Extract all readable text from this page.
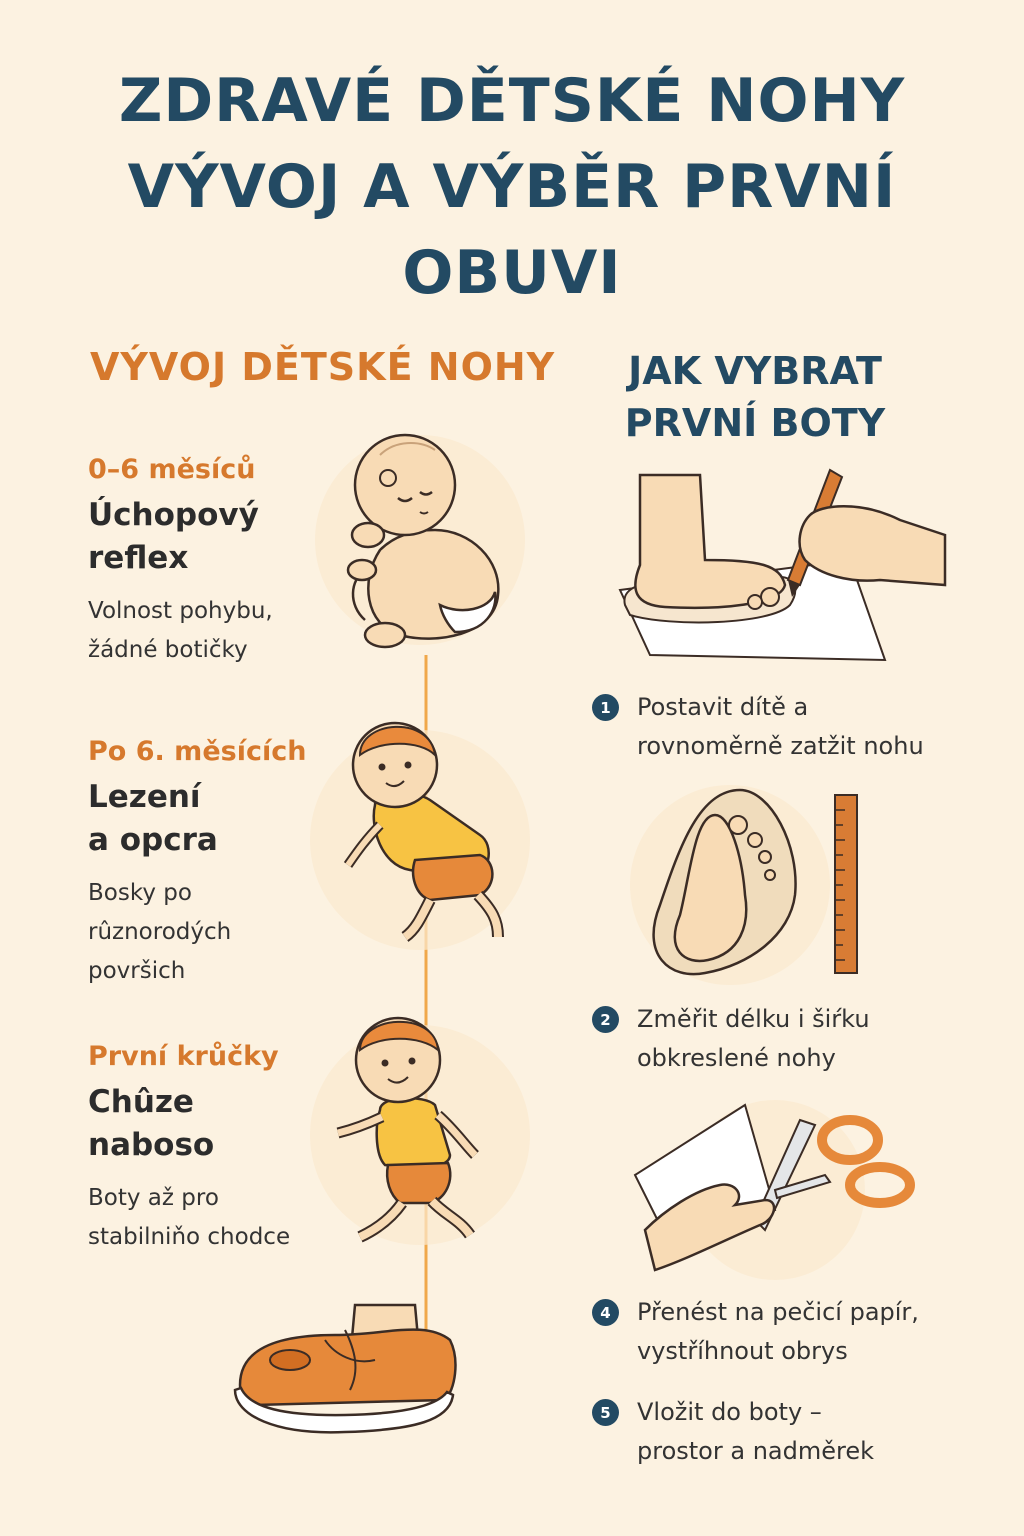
ZDRAVÉ DĚTSKÉ NOHY
VÝVOJ A VÝBĚR PRVNÍ
OBUVI
VÝVOJ DĚTSKÉ NOHY	JAK VYBRAT
PRVNÍ BOTY
0–6 měsíců
Úchopový
reflex
Volnost pohybu,
žádné botičky
Po 6. měsících
Lezení
a opcra
Bosky po
rûznorodých
površich
První krůčky
Chûze
naboso
Boty až pro
stabilniňo chodce
1	Postavit dítě a
rovnoměrně zatžit nohu
2	Změřit délku i šiŕku
obkreslené nohy
4	Přenést na pečicí papír,
vystříhnout obrys
5	Vložit do boty –
prostor a nadměrek
